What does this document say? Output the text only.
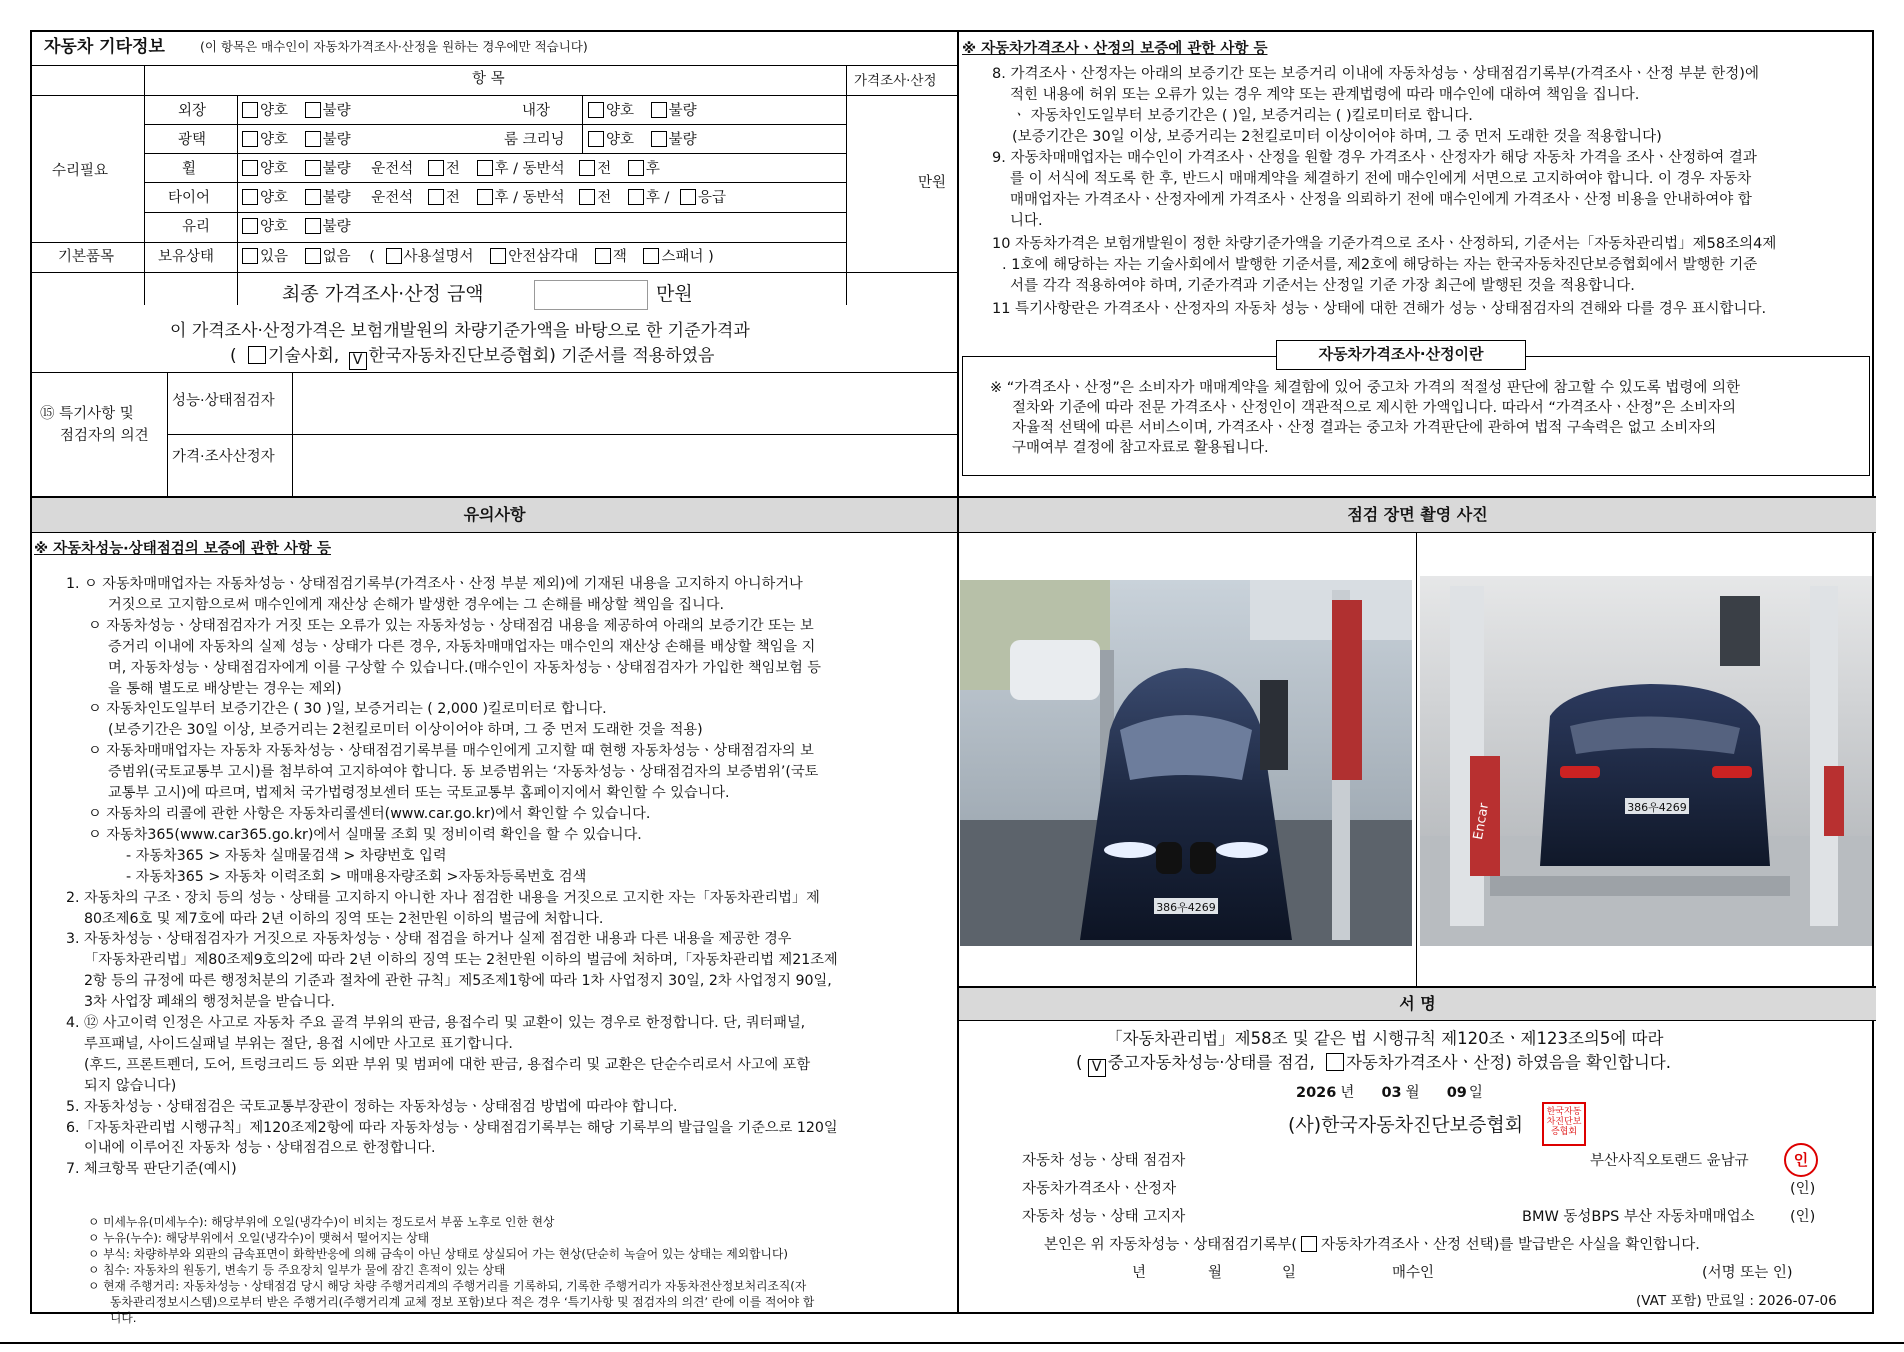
자동차 기타정보	(이 항목은 매수인이 자동차가격조사·산정을 원하는 경우에만 적습니다)
항 목	가격조사·산정
수리필요
외장	양호 불량	내장	양호 불량
광택	양호 불량	룸 크리닝	양호 불량
휠	양호 불량 운전석 전 후 / 동반석 전 후
타이어	양호 불량 운전석 전 후 / 동반석 전 후 / 응급
만원
유리	양호 불량
기본품목	보유상태	있음 없음 ( 사용설명서 안전삼각대 잭 스패너 )
최종 가격조사·산정 금액	만원
이 가격조사·산정가격은 보험개발원의 차량기준가액을 바탕으로 한 기준가격과
( 기술사회, V 한국자동차진단보증협회) 기준서를 적용하였음
⑮ 특기사항 및
점검자의 의견
성능·상태점검자
가격·조사산정자
※ 자동차가격조사ㆍ산정의 보증에 관한 사항 등
8. 가격조사ㆍ산정자는 아래의 보증기간 또는 보증거리 이내에 자동차성능ㆍ상태점검기록부(가격조사ㆍ산정 부분 한정)에
적힌 내용에 허위 또는 오류가 있는 경우 계약 또는 관계법령에 따라 매수인에 대하여 책임을 집니다.
ㆍ 자동차인도일부터 보증기간은 ( )일, 보증거리는 ( )킬로미터로 합니다.
(보증기간은 30일 이상, 보증거리는 2천킬로미터 이상이어야 하며, 그 중 먼저 도래한 것을 적용합니다)
9. 자동차매매업자는 매수인이 가격조사ㆍ산정을 원할 경우 가격조사ㆍ산정자가 해당 자동차 가격을 조사ㆍ산정하여 결과
를 이 서식에 적도록 한 후, 반드시 매매계약을 체결하기 전에 매수인에게 서면으로 고지하여야 합니다. 이 경우 자동차
매매업자는 가격조사ㆍ산정자에게 가격조사ㆍ산정을 의뢰하기 전에 매수인에게 가격조사ㆍ산정 비용을 안내하여야 합
니다.
10 자동차가격은 보험개발원이 정한 차량기준가액을 기준가격으로 조사ㆍ산정하되, 기준서는「자동차관리법」제58조의4제
. 1호에 해당하는 자는 기술사회에서 발행한 기준서를, 제2호에 해당하는 자는 한국자동차진단보증협회에서 발행한 기준
서를 각각 적용하여야 하며, 기준가격과 기준서는 산정일 기준 가장 최근에 발행된 것을 적용합니다.
11 특기사항란은 가격조사ㆍ산정자의 자동차 성능ㆍ상태에 대한 견해가 성능ㆍ상태점검자의 견해와 다를 경우 표시합니다.
자동차가격조사·산정이란
※ “가격조사ㆍ산정”은 소비자가 매매계약을 체결함에 있어 중고차 가격의 적절성 판단에 참고할 수 있도록 법령에 의한
절차와 기준에 따라 전문 가격조사ㆍ산정인이 객관적으로 제시한 가액입니다. 따라서 “가격조사ㆍ산정”은 소비자의
자율적 선택에 따른 서비스이며, 가격조사ㆍ산정 결과는 중고차 가격판단에 관하여 법적 구속력은 없고 소비자의
구매여부 결정에 참고자료로 활용됩니다.
유의사항	점검 장면 촬영 사진
※ 자동차성능·상태점검의 보증에 관한 사항 등
1. ㅇ 자동차매매업자는 자동차성능ㆍ상태점검기록부(가격조사ㆍ산정 부분 제외)에 기재된 내용을 고지하지 아니하거나
거짓으로 고지함으로써 매수인에게 재산상 손해가 발생한 경우에는 그 손해를 배상할 책임을 집니다.
ㅇ 자동차성능ㆍ상태점검자가 거짓 또는 오류가 있는 자동차성능ㆍ상태점검 내용을 제공하여 아래의 보증기간 또는 보
증거리 이내에 자동차의 실제 성능ㆍ상태가 다른 경우, 자동차매매업자는 매수인의 재산상 손해를 배상할 책임을 지
며, 자동차성능ㆍ상태점검자에게 이를 구상할 수 있습니다.(매수인이 자동차성능ㆍ상태점검자가 가입한 책임보험 등
을 통해 별도로 배상받는 경우는 제외)
ㅇ 자동차인도일부터 보증기간은 ( 30 )일, 보증거리는 ( 2,000 )킬로미터로 합니다.
(보증기간은 30일 이상, 보증거리는 2천킬로미터 이상이어야 하며, 그 중 먼저 도래한 것을 적용)
ㅇ 자동차매매업자는 자동차 자동차성능ㆍ상태점검기록부를 매수인에게 고지할 때 현행 자동차성능ㆍ상태점검자의 보
증범위(국토교통부 고시)를 첨부하여 고지하여야 합니다. 동 보증범위는 ‘자동차성능ㆍ상태점검자의 보증범위’(국토
교통부 고시)에 따르며, 법제처 국가법령정보센터 또는 국토교통부 홈페이지에서 확인할 수 있습니다.
ㅇ 자동차의 리콜에 관한 사항은 자동차리콜센터(www.car.go.kr)에서 확인할 수 있습니다.
ㅇ 자동차365(www.car365.go.kr)에서 실매물 조회 및 정비이력 확인을 할 수 있습니다.
- 자동차365 > 자동차 실매물검색 > 차량번호 입력
- 자동차365 > 자동차 이력조회 > 매매용자량조회 >자동차등록번호 검색
2. 자동차의 구조ㆍ장치 등의 성능ㆍ상태를 고지하지 아니한 자나 점검한 내용을 거짓으로 고지한 자는「자동차관리법」제
80조제6호 및 제7호에 따라 2년 이하의 징역 또는 2천만원 이하의 벌금에 처합니다.
3. 자동차성능ㆍ상태점검자가 거짓으로 자동차성능ㆍ상태 점검을 하거나 실제 점검한 내용과 다른 내용을 제공한 경우
「자동차관리법」제80조제9호의2에 따라 2년 이하의 징역 또는 2천만원 이하의 벌금에 처하며,「자동차관리법 제21조제
2항 등의 규정에 따른 행정처분의 기준과 절차에 관한 규칙」제5조제1항에 따라 1차 사업정지 30일, 2차 사업정지 90일,
3차 사업장 폐쇄의 행정처분을 받습니다.
4. ⑫ 사고이력 인정은 사고로 자동차 주요 골격 부위의 판금, 용접수리 및 교환이 있는 경우로 한정합니다. 단, 쿼터패널,
루프패널, 사이드실패널 부위는 절단, 용접 시에만 사고로 표기합니다.
(후드, 프론트펜더, 도어, 트렁크리드 등 외판 부위 및 범퍼에 대한 판금, 용접수리 및 교환은 단순수리로서 사고에 포함
되지 않습니다)
5. 자동차성능ㆍ상태점검은 국토교통부장관이 정하는 자동차성능ㆍ상태점검 방법에 따라야 합니다.
6.「자동차관리법 시행규칙」제120조제2항에 따라 자동차성능ㆍ상태점검기록부는 해당 기록부의 발급일을 기준으로 120일
이내에 이루어진 자동차 성능ㆍ상태점검으로 한정합니다.
7. 체크항목 판단기준(예시)
ㅇ 미세누유(미세누수): 해당부위에 오일(냉각수)이 비치는 정도로서 부품 노후로 인한 현상
ㅇ 누유(누수): 해당부위에서 오일(냉각수)이 맺혀서 떨어지는 상태
ㅇ 부식: 차량하부와 외판의 금속표면이 화학반응에 의해 금속이 아닌 상태로 상실되어 가는 현상(단순히 녹슬어 있는 상태는 제외합니다)
ㅇ 침수: 자동차의 원동기, 변속기 등 주요장치 일부가 물에 잠긴 흔적이 있는 상태
ㅇ 현재 주행거리: 자동차성능ㆍ상태점검 당시 해당 차량 주행거리계의 주행거리를 기록하되, 기록한 주행거리가 자동차전산정보처리조직(자
동차관리정보시스템)으로부터 받은 주행거리(주행거리계 교체 정보 포함)보다 적은 경우 ‘특기사항 및 점검자의 의견’ 란에 이를 적어야 합
니다.
386우4269
Encar	386우4269
서 명
「자동차관리법」제58조 및 같은 법 시행규칙 제120조ㆍ제123조의5에 따라
( V 중고자동차성능·상태를 점검, 자동차가격조사ㆍ산정) 하였음을 확인합니다.
2026 년 03 월 09 일
(사)한국자동차진단보증협회
한국자동차진단보증협회
자동차 성능ㆍ상태 점검자	부산사직오토랜드 윤남규	인
자동차가격조사ㆍ산정자	(인)
자동차 성능ㆍ상태 고지자	BMW 동성BPS 부산 자동차매매업소 (인)
본인은 위 자동차성능ㆍ상태점검기록부( 자동차가격조사ㆍ산정 선택)를 발급받은 사실을 확인합니다.
년	월	일	매수인	(서명 또는 인)
(VAT 포함) 만료일 : 2026-07-06
